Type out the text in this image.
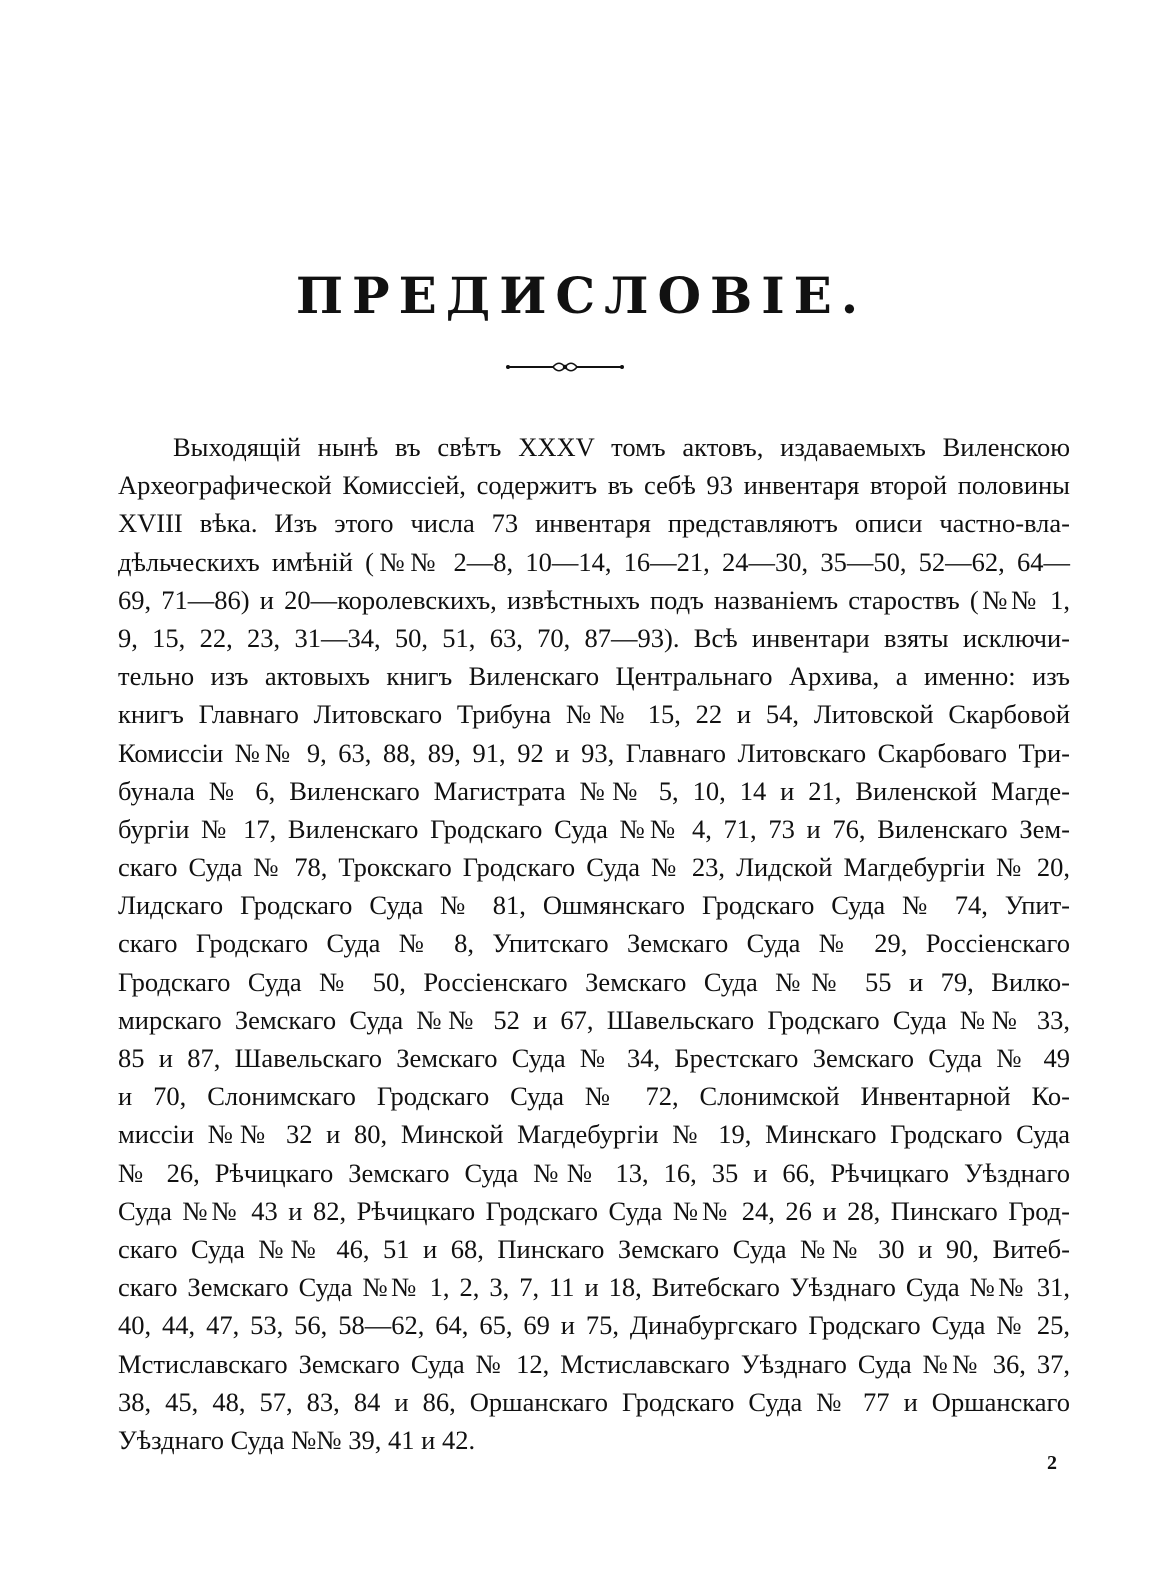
ПРЕДИСЛОВІЕ.
Выходящій нынѣ въ свѣтъ XXXV томъ актовъ, издаваемыхъ Виленскою
Археографической Комиссіей, содержитъ въ себѣ 93 инвентаря второй половины
XVIII вѣка. Изъ этого числа 73 инвентаря представляютъ описи частно-вла-
дѣльческихъ имѣній (№№ 2—8, 10—14, 16—21, 24—30, 35—50, 52—62, 64—
69, 71—86) и 20—королевскихъ, извѣстныхъ подъ названіемъ староствъ (№№ 1,
9, 15, 22, 23, 31—34, 50, 51, 63, 70, 87—93). Всѣ инвентари взяты исключи-
тельно изъ актовыхъ книгъ Виленскаго Центральнаго Архива, а именно: изъ
книгъ Главнаго Литовскаго Трибуна №№ 15, 22 и 54, Литовской Скарбовой
Комиссіи №№ 9, 63, 88, 89, 91, 92 и 93, Главнаго Литовскаго Скарбоваго Три-
бунала № 6, Виленскаго Магистрата №№ 5, 10, 14 и 21, Виленской Магде-
бургіи № 17, Виленскаго Гродскаго Суда №№ 4, 71, 73 и 76, Виленскаго Зем-
скаго Суда № 78, Трокскаго Гродскаго Суда № 23, Лидской Магдебургіи № 20,
Лидскаго Гродскаго Суда № 81, Ошмянскаго Гродскаго Суда № 74, Упит-
скаго Гродскаго Суда № 8, Упитскаго Земскаго Суда № 29, Россіенскаго
Гродскаго Суда № 50, Россіенскаго Земскаго Суда №№ 55 и 79, Вилко-
мирскаго Земскаго Суда №№ 52 и 67, Шавельскаго Гродскаго Суда №№ 33,
85 и 87, Шавельскаго Земскаго Суда № 34, Брестскаго Земскаго Суда № 49
и 70, Слонимскаго Гродскаго Суда № 72, Слонимской Инвентарной Ко-
миссіи №№ 32 и 80, Минской Магдебургіи № 19, Минскаго Гродскаго Суда
№ 26, Рѣчицкаго Земскаго Суда №№ 13, 16, 35 и 66, Рѣчицкаго Уѣзднаго
Суда №№ 43 и 82, Рѣчицкаго Гродскаго Суда №№ 24, 26 и 28, Пинскаго Грод-
скаго Суда №№ 46, 51 и 68, Пинскаго Земскаго Суда №№ 30 и 90, Витеб-
скаго Земскаго Суда №№ 1, 2, 3, 7, 11 и 18, Витебскаго Уѣзднаго Суда №№ 31,
40, 44, 47, 53, 56, 58—62, 64, 65, 69 и 75, Динабургскаго Гродскаго Суда № 25,
Мстиславскаго Земскаго Суда № 12, Мстиславскаго Уѣзднаго Суда №№ 36, 37,
38, 45, 48, 57, 83, 84 и 86, Оршанскаго Гродскаго Суда № 77 и Оршанскаго
Уѣзднаго Суда №№ 39, 41 и 42.
2
